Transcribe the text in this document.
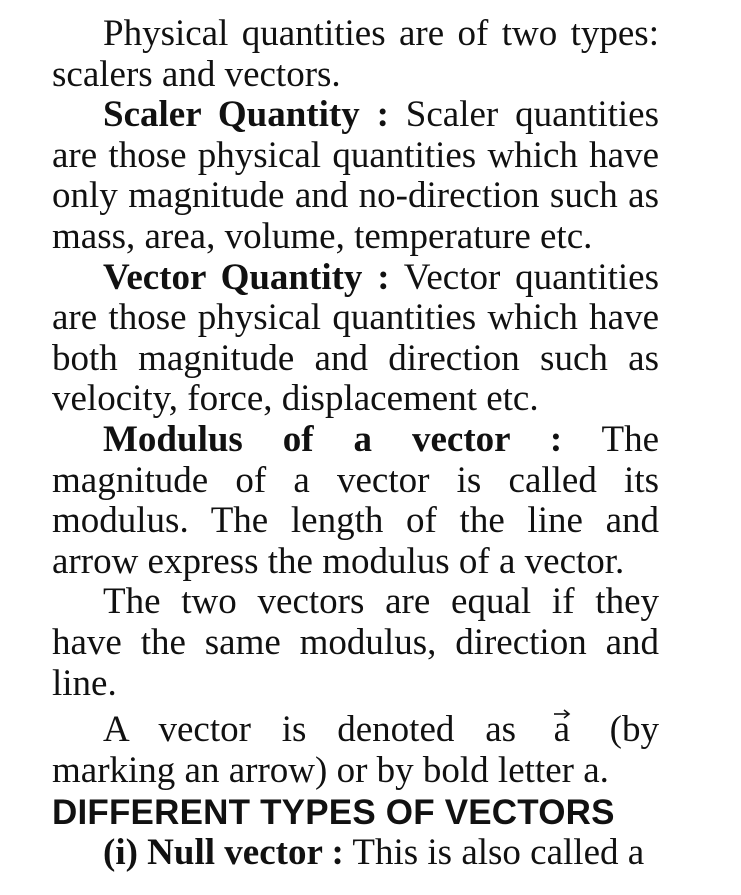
Physical quantities are of two types: scalers and vectors.

Scaler Quantity : Scaler quantities are those physical quantities which have only magnitude and no-direction such as mass, area, volume, temperature etc.

Vector Quantity : Vector quantities are those physical quantities which have both magnitude and direction such as velocity, force, displacement etc.

Modulus of a vector : The magnitude of a vector is called its modulus. The length of the line and arrow express the modulus of a vector.

The two vectors are equal if they have the same modulus, direction and line.

A vector is denoted as
a (by marking an arrow) or by bold letter a.

DIFFERENT TYPES OF VECTORS

(i) Null vector : This is also called a
